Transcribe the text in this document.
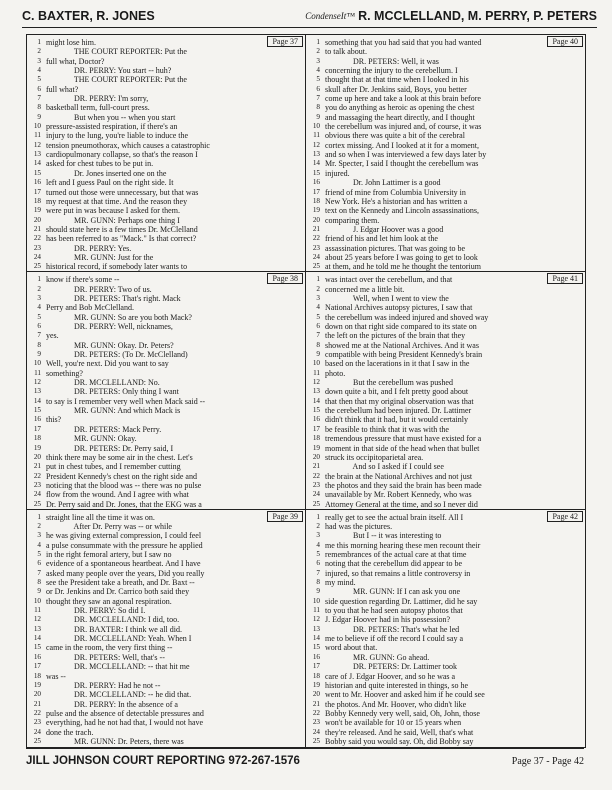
C. BAXTER, R. JONES	CondenseIt™ R. MCCLELLAND, M. PERRY, P. PETERS
Page 37
1 might lose him.
2 THE COURT REPORTER: Put the
3 full what, Doctor?
4 DR. PERRY: You start -- huh?
5 THE COURT REPORTER: Put the
6 full what?
7 DR. PERRY: I'm sorry,
8 basketball term, full-court press.
9 But when you -- when you start
10 pressure-assisted respiration, if there's an
11 injury to the lung, you're liable to induce the
12 tension pneumothorax, which causes a catastrophic
13 cardiopulmonary collapse, so that's the reason I
14 asked for chest tubes to be put in.
15 Dr. Jones inserted one on the
16 left and I guess Paul on the right side. It
17 turned out those were unnecessary, but that was
18 my request at that time. And the reason they
19 were put in was because I asked for them.
20 MR. GUNN: Perhaps one thing I
21 should state here is a few times Dr. McClelland
22 has been referred to as "Mack." Is that correct?
23 DR. PERRY: Yes.
24 MR. GUNN: Just for the
25 historical record, if somebody later wants to
Page 40
1 something that you had said that you had wanted
2 to talk about.
3 DR. PETERS: Well, it was
4 concerning the injury to the cerebellum. I
5 thought that at that time when I looked in his
6 skull after Dr. Jenkins said, Boys, you better
7 come up here and take a look at this brain before
8 you do anything as heroic as opening the chest
9 and massaging the heart directly, and I thought
10 the cerebellum was injured and, of course, it was
11 obvious there was quite a bit of the cerebral
12 cortex missing. And I looked at it for a moment,
13 and so when I was interviewed a few days later by
14 Mr. Specter, I said I thought the cerebellum was
15 injured.
16 Dr. John Lattimer is a good
17 friend of mine from Columbia University in
18 New York. He's a historian and has written a
19 text on the Kennedy and Lincoln assassinations,
20 comparing them.
21 J. Edgar Hoover was a good
22 friend of his and let him look at the
23 assassination pictures. That was going to be
24 about 25 years before I was going to get to look
25 at them, and he told me he thought the tentorium
Page 38
1 know if there's some --
2 DR. PERRY: Two of us.
3 DR. PETERS: That's right. Mack
4 Perry and Bob McClelland.
5 MR. GUNN: So are you both Mack?
6 DR. PERRY: Well, nicknames,
7 yes.
8 MR. GUNN: Okay. Dr. Peters?
9 DR. PETERS: (To Dr. McClelland)
10 Well, you're next. Did you want to say
11 something?
12 DR. MCCLELLAND: No.
13 DR. PETERS: Only thing I want
14 to say is I remember very well when Mack said --
15 MR. GUNN: And which Mack is
16 this?
17 DR. PETERS: Mack Perry.
18 MR. GUNN: Okay.
19 DR. PETERS: Dr. Perry said, I
20 think there may be some air in the chest. Let's
21 put in chest tubes, and I remember cutting
22 President Kennedy's chest on the right side and
23 noticing that the blood was -- there was no pulse
24 flow from the wound. And I agree with what
25 Dr. Perry said and Dr. Jones, that the EKG was a
Page 41
1 was intact over the cerebellum, and that
2 concerned me a little bit.
3 Well, when I went to view the
4 National Archives autopsy pictures, I saw that
5 the cerebellum was indeed injured and shoved way
6 down on that right side compared to its state on
7 the left on the pictures of the brain that they
8 showed me at the National Archives. And it was
9 compatible with being President Kennedy's brain
10 based on the lacerations in it that I saw in the
11 photo.
12 But the cerebellum was pushed
13 down quite a bit, and I felt pretty good about
14 that then that my original observation was that
15 the cerebellum had been injured. Dr. Lattimer
16 didn't think that it had, but it would certainly
17 be feasible to think that it was with the
18 tremendous pressure that must have existed for a
19 moment in that side of the head when that bullet
20 struck its occipitoparietal area.
21 And so I asked if I could see
22 the brain at the National Archives and not just
23 the photos and they said the brain has been made
24 unavailable by Mr. Robert Kennedy, who was
25 Attorney General at the time, and so I never did
Page 39
1 straight line all the time it was on.
2 After Dr. Perry was -- or while
3 he was giving external compression, I could feel
4 a pulse consummate with the pressure he applied
5 in the right femoral artery, but I saw no
6 evidence of a spontaneous heartbeat. And I have
7 asked many people over the years, Did you really
8 see the President take a breath, and Dr. Baxt --
9 or Dr. Jenkins and Dr. Carrico both said they
10 thought they saw an agonal respiration.
11 DR. PERRY: So did I.
12 DR. MCCLELLAND: I did, too.
13 DR. BAXTER: I think we all did.
14 DR. MCCLELLAND: Yeah. When I
15 came in the room, the very first thing --
16 DR. PETERS: Well, that's --
17 DR. MCCLELLAND: -- that hit me
18 was --
19 DR. PERRY: Had he not --
20 DR. MCCLELLAND: -- he did that.
21 DR. PERRY: In the absence of a
22 pulse and the absence of detectable pressures and
23 everything, had he not had that, I would not have
24 done the trach.
25 MR. GUNN: Dr. Peters, there was
Page 42
1 really get to see the actual brain itself. All I
2 had was the pictures.
3 But I -- it was interesting to
4 me this morning hearing these men recount their
5 remembrances of the actual care at that time
6 noting that the cerebellum did appear to be
7 injured, so that remains a little controversy in
8 my mind.
9 MR. GUNN: If I can ask you one
10 side question regarding Dr. Lattimer, did he say
11 to you that he had seen autopsy photos that
12 J. Edgar Hoover had in his possession?
13 DR. PETERS: That's what he led
14 me to believe if off the record I could say a
15 word about that.
16 MR. GUNN: Go ahead.
17 DR. PETERS: Dr. Lattimer took
18 care of J. Edgar Hoover, and so he was a
19 historian and quite interested in things, so he
20 went to Mr. Hoover and asked him if he could see
21 the photos. And Mr. Hoover, who didn't like
22 Bobby Kennedy very well, said, Oh, John, those
23 won't be available for 10 or 15 years when
24 they're released. And he said, Well, that's what
25 Bobby said you would say. Oh, did Bobby say
JILL JOHNSON COURT REPORTING 972-267-1576	Page 37 - Page 42
